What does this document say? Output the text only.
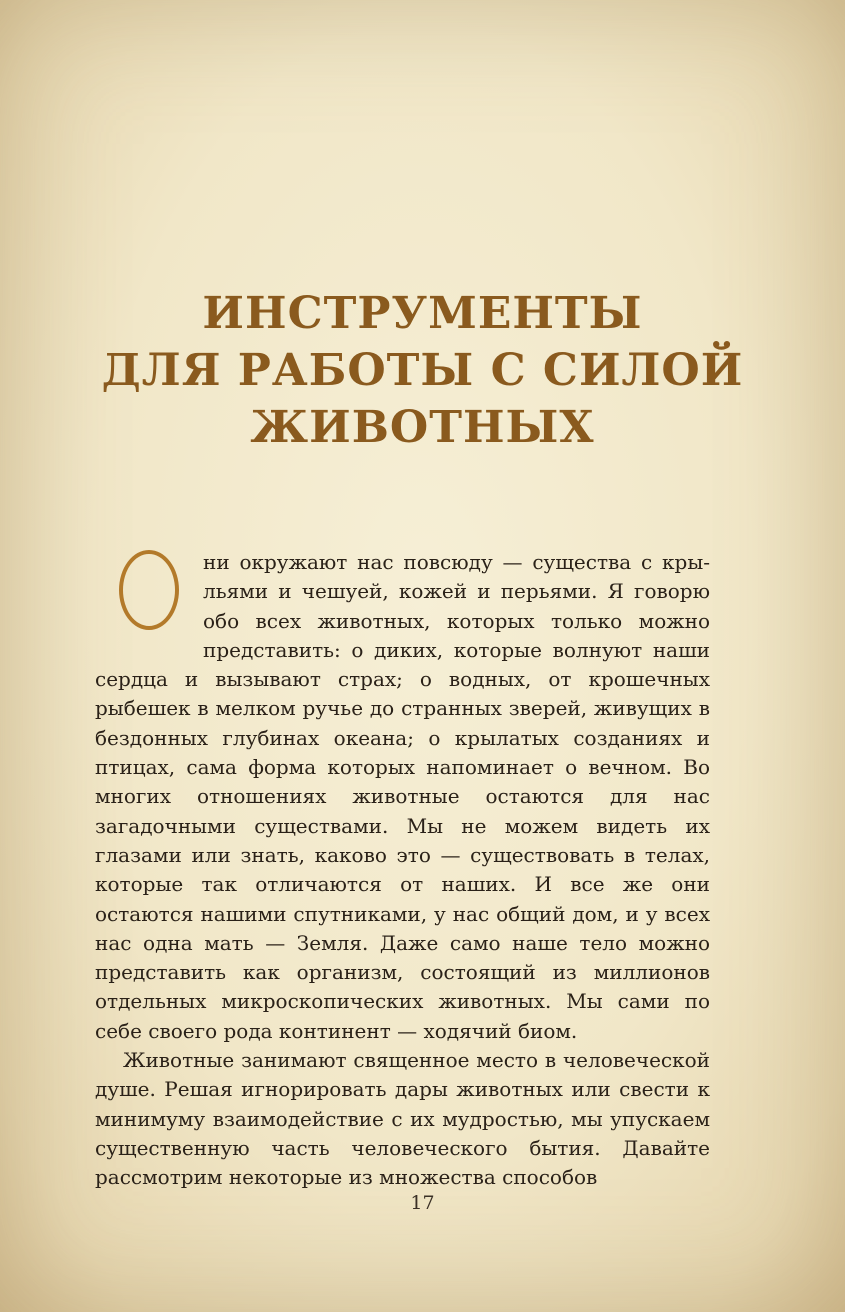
ИНСТРУМЕНТЫ
ДЛЯ РАБОТЫ С СИЛОЙ
ЖИВОТНЫХ

ни окружают нас повсюду — существа с крыльями и чешуей, кожей и перьями. Я говорю обо всех животных, которых только можно представить: о диких, которые волнуют наши сердца и вызывают страх; о водных, от крошечных рыбешек в мелком ручье до странных зверей, живущих в бездонных глубинах океана; о крылатых созданиях и птицах, сама форма которых напоминает о вечном. Во многих отношениях животные остаются для нас загадочными существами. Мы не можем видеть их глазами или знать, каково это — существовать в телах, которые так отличаются от наших. И все же они остаются нашими спутниками, у нас общий дом, и у всех нас одна мать — Земля. Даже само наше тело можно представить как организм, состоящий из миллионов отдельных микроскопических животных. Мы сами по себе своего рода континент — ходячий биом.

Животные занимают священное место в человеческой душе. Решая игнорировать дары животных или свести к минимуму взаимодействие с их мудростью, мы упускаем существенную часть человеческого бытия. Давайте рассмотрим некоторые из множества способов

17
